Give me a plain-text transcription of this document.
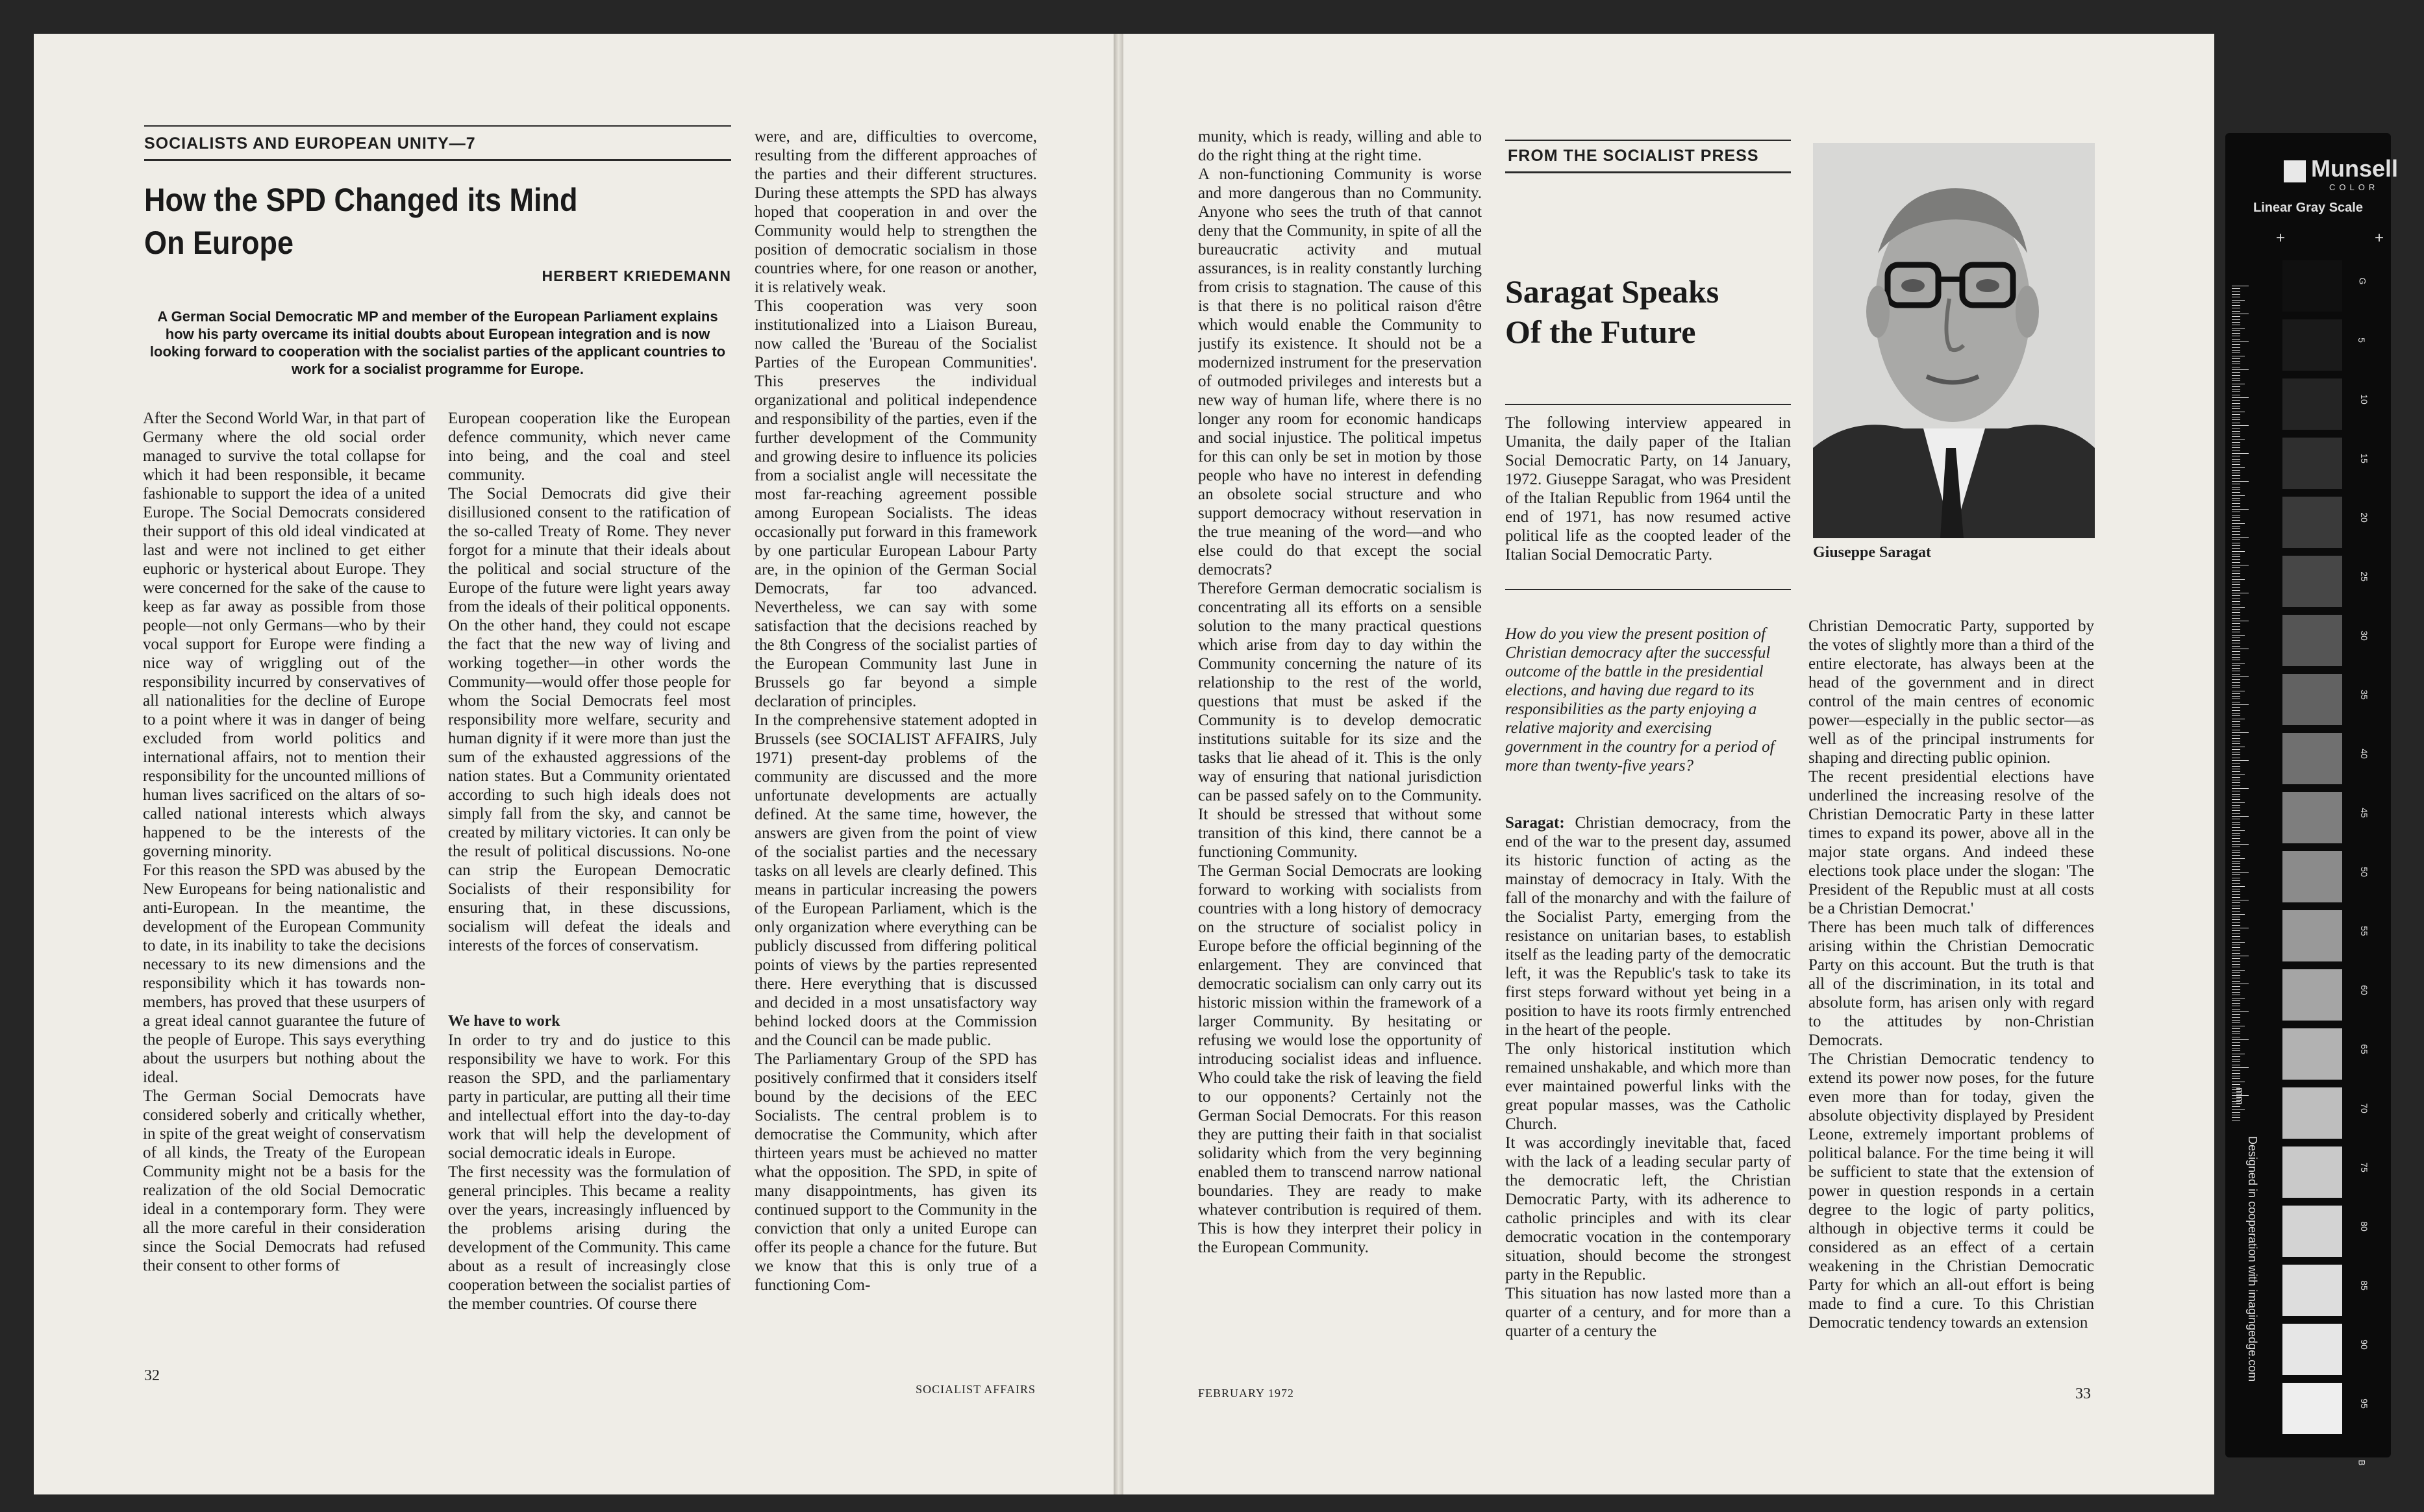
SOCIALISTS AND EUROPEAN UNITY—7
How the SPD Changed its Mind
On Europe
HERBERT KRIEDEMANN
A German Social Democratic MP and member of the European Parliament explains how his party overcame its initial doubts about European integration and is now looking forward to cooperation with the socialist parties of the applicant countries to work for a socialist programme for Europe.
After the Second World War, in that part of Germany where the old social order managed to survive the total collapse for which it had been responsible, it became fashionable to support the idea of a united Europe. The Social Democrats considered their support of this old ideal vindicated at last and were not inclined to get either euphoric or hysterical about Europe. They were concerned for the sake of the cause to keep as far away as possible from those people—not only Germans—who by their vocal support for Europe were finding a nice way of wriggling out of the responsibility incurred by conservatives of all nationalities for the decline of Europe to a point where it was in danger of being excluded from world politics and international affairs, not to mention their responsibility for the uncounted millions of human lives sacrificed on the altars of so-called national interests which always happened to be the interests of the governing minority.
For this reason the SPD was abused by the New Europeans for being nationalistic and anti-European. In the meantime, the development of the European Community to date, in its inability to take the decisions necessary to its new dimensions and the responsibility which it has towards non-members, has proved that these usurpers of a great ideal cannot guarantee the future of the people of Europe. This says everything about the usurpers but nothing about the ideal.
The German Social Democrats have considered soberly and critically whether, in spite of the great weight of conservatism of all kinds, the Treaty of the European Community might not be a basis for the realization of the old Social Democratic ideal in a contemporary form. They were all the more careful in their consideration since the Social Democrats had refused their consent to other forms of
European cooperation like the European defence community, which never came into being, and the coal and steel community.
The Social Democrats did give their disillusioned consent to the ratification of the so-called Treaty of Rome. They never forgot for a minute that their ideals about the political and social structure of the Europe of the future were light years away from the ideals of their political opponents. On the other hand, they could not escape the fact that the new way of living and working together—in other words the Community—would offer those people for whom the Social Democrats feel most responsibility more welfare, security and human dignity if it were more than just the sum of the exhausted aggressions of the nation states. But a Community orientated according to such high ideals does not simply fall from the sky, and cannot be created by military victories. It can only be the result of political discussions. No-one can strip the European Democratic Socialists of their responsibility for ensuring that, in these discussions, socialism will defeat the ideals and interests of the forces of conservatism.
We have to work
In order to try and do justice to this responsibility we have to work. For this reason the SPD, and the parliamentary party in particular, are putting all their time and intellectual effort into the day-to-day work that will help the development of social democratic ideals in Europe.
The first necessity was the formulation of general principles. This became a reality over the years, increasingly influenced by the problems arising during the development of the Community. This came about as a result of increasingly close cooperation between the socialist parties of the member countries. Of course there
were, and are, difficulties to overcome, resulting from the different approaches of the parties and their different structures. During these attempts the SPD has always hoped that cooperation in and over the Community would help to strengthen the position of democratic socialism in those countries where, for one reason or another, it is relatively weak.
This cooperation was very soon institutionalized into a Liaison Bureau, now called the 'Bureau of the Socialist Parties of the European Communities'. This preserves the individual organizational and political independence and responsibility of the parties, even if the further development of the Community and growing desire to influence its policies from a socialist angle will necessitate the most far-reaching agreement possible among European Socialists. The ideas occasionally put forward in this framework by one particular European Labour Party are, in the opinion of the German Social Democrats, far too advanced. Nevertheless, we can say with some satisfaction that the decisions reached by the 8th Congress of the socialist parties of the European Community last June in Brussels go far beyond a simple declaration of principles.
In the comprehensive statement adopted in Brussels (see SOCIALIST AFFAIRS, July 1971) present-day problems of the community are discussed and the more unfortunate developments are actually defined. At the same time, however, the answers are given from the point of view of the socialist parties and the necessary tasks on all levels are clearly defined. This means in particular increasing the powers of the European Parliament, which is the only organization where everything can be publicly discussed from differing political points of views by the parties represented there. Here everything that is discussed and decided in a most unsatisfactory way behind locked doors at the Commission and the Council can be made public.
The Parliamentary Group of the SPD has positively confirmed that it considers itself bound by the decisions of the EEC Socialists. The central problem is to democratise the Community, which after thirteen years must be achieved no matter what the opposition. The SPD, in spite of many disappointments, has given its continued support to the Community in the conviction that only a united Europe can offer its people a chance for the future. But we know that this is only true of a functioning Com-
32
SOCIALIST AFFAIRS
munity, which is ready, willing and able to do the right thing at the right time.
A non-functioning Community is worse and more dangerous than no Community. Anyone who sees the truth of that cannot deny that the Community, in spite of all the bureaucratic activity and mutual assurances, is in reality constantly lurching from crisis to stagnation. The cause of this is that there is no political raison d'être which would enable the Community to justify its existence. It should not be a modernized instrument for the preservation of outmoded privileges and interests but a new way of human life, where there is no longer any room for economic handicaps and social injustice. The political impetus for this can only be set in motion by those people who have no interest in defending an obsolete social structure and who support democracy without reservation in the true meaning of the word—and who else could do that except the social democrats?
Therefore German democratic socialism is concentrating all its efforts on a sensible solution to the many practical questions which arise from day to day within the Community concerning the nature of its relationship to the rest of the world, questions that must be asked if the Community is to develop democratic institutions suitable for its size and the tasks that lie ahead of it. This is the only way of ensuring that national jurisdiction can be passed safely on to the Community. It should be stressed that without some transition of this kind, there cannot be a functioning Community.
The German Social Democrats are looking forward to working with socialists from countries with a long history of democracy on the structure of socialist policy in Europe before the official beginning of the enlargement. They are convinced that democratic socialism can only carry out its historic mission within the framework of a larger Community. By hesitating or refusing we would lose the opportunity of introducing socialist ideas and influence. Who could take the risk of leaving the field to our opponents? Certainly not the German Social Democrats. For this reason they are putting their faith in that socialist solidarity which from the very beginning enabled them to transcend narrow national boundaries. They are ready to make whatever contribution is required of them. This is how they interpret their policy in the European Community.
FROM THE SOCIALIST PRESS
Saragat Speaks
Of the Future
The following interview appeared in Umanita, the daily paper of the Italian Social Democratic Party, on 14 January, 1972. Giuseppe Saragat, who was President of the Italian Republic from 1964 until the end of 1971, has now resumed active political life as the coopted leader of the Italian Social Democratic Party.
How do you view the present position of Christian democracy after the successful outcome of the battle in the presidential elections, and having due regard to its responsibilities as the party enjoying a relative majority and exercising government in the country for a period of more than twenty-five years?
Saragat: Christian democracy, from the end of the war to the present day, assumed its historic function of acting as the mainstay of democracy in Italy. With the fall of the monarchy and with the failure of the Socialist Party, emerging from the resistance on unitarian bases, to establish itself as the leading party of the democratic left, it was the Republic's task to take its first steps forward without yet being in a position to have its roots firmly entrenched in the heart of the people.
The only historical institution which remained unshakable, and which more than ever maintained powerful links with the great popular masses, was the Catholic Church.
It was accordingly inevitable that, faced with the lack of a leading secular party of the democratic left, the Christian Democratic Party, with its adherence to catholic principles and with its clear democratic vocation in the contemporary situation, should become the strongest party in the Republic.
This situation has now lasted more than a quarter of a century, and for more than a quarter of a century the
Giuseppe Saragat
Christian Democratic Party, supported by the votes of slightly more than a third of the entire electorate, has always been at the head of the government and in direct control of the main centres of economic power—especially in the public sector—as well as of the principal instruments for shaping and directing public opinion.
The recent presidential elections have underlined the increasing resolve of the Christian Democratic Party in these latter times to expand its power, above all in the major state organs. And indeed these elections took place under the slogan: 'The President of the Republic must at all costs be a Christian Democrat.'
There has been much talk of differences arising within the Christian Democratic Party on this account. But the truth is that all of the discrimination, in its total and absolute form, has arisen only with regard to the attitudes by non-Christian Democrats.
The Christian Democratic tendency to extend its power now poses, for the future even more than for today, given the absolute objectivity displayed by President Leone, extremely important problems of political balance. For the time being it will be sufficient to state that the extension of power in question responds in a certain degree to the logic of party politics, although in objective terms it could be considered as an effect of a certain weakening in the Christian Democratic Party for which an all-out effort is being made to find a cure. To this Christian Democratic tendency towards an extension
FEBRUARY 1972	33
Munsell
COLOR
Linear Gray Scale
+	+
G
5
10
15
20
25
30
35
40
45
50
55
60
65
70
75
80
85
90
95
B
mm
Designed in cooperation with imagingedge.com
